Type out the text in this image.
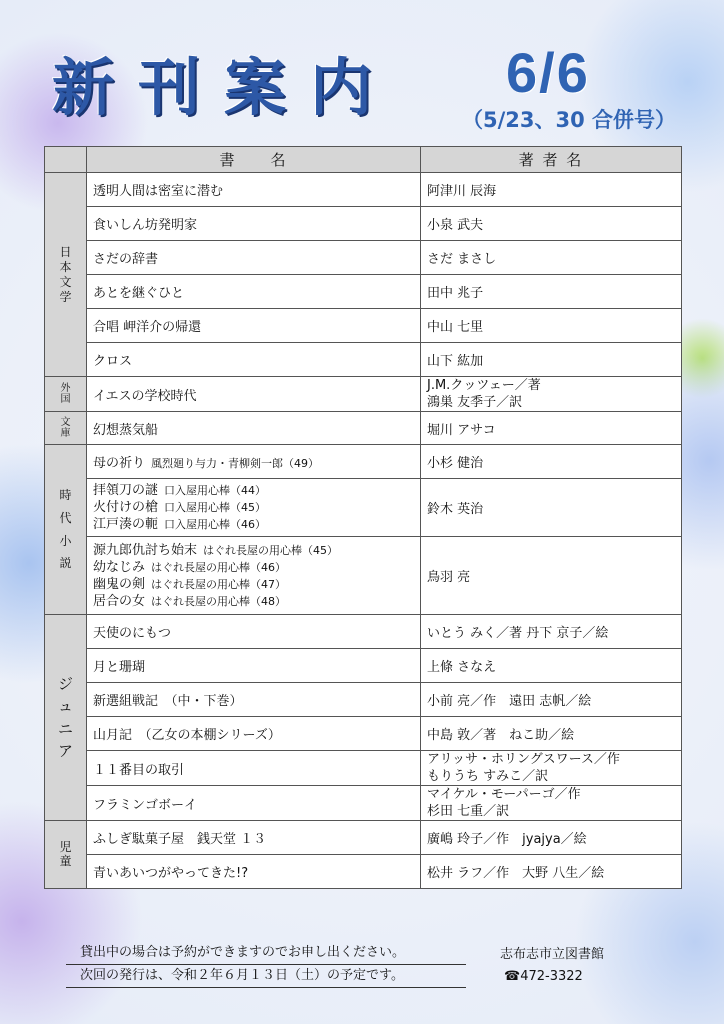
新刊案内 6/6
（5/23、30 合併号）
	書　　名	著 者 名
日本文学	透明人間は密室に潜む	阿津川 辰海
	食いしん坊発明家	小泉 武夫
	さだの辞書	さだ まさし
	あとを継ぐひと	田中 兆子
	合唱 岬洋介の帰還	中山 七里
	クロス	山下 紘加
外国	イエスの学校時代	J.M.クッツェー／著
鴻巣 友季子／訳

文庫	幻想蒸気船	堀川 アサコ
時代小説	母の祈り 風烈廻り与力・青柳剣一郎（49）	小杉 健治

	拝領刀の謎 口入屋用心棒（44）
火付けの槍 口入屋用心棒（45）
江戸湊の軛 口入屋用心棒（46）	鈴木 英治

	源九郎仇討ち始末 はぐれ長屋の用心棒（45）
幼なじみ はぐれ長屋の用心棒（46）
幽鬼の剣 はぐれ長屋の用心棒（47）
居合の女 はぐれ長屋の用心棒（48）	鳥羽 亮
ジュニア	天使のにもつ	いとう みく／著 丹下 京子／絵
	月と珊瑚	上條 さなえ
	新選組戦記　（中・下巻）	小前 亮／作　遠田 志帆／絵
	山月記　（乙女の本棚シリーズ）	中島 敦／著　ねこ助／絵
	１１番目の取引	アリッサ・ホリングスワース／作
もりうち すみこ／訳

	フラミンゴボーイ	マイケル・モーパーゴ／作
杉田 七重／訳

児童	ふしぎ駄菓子屋　銭天堂 １３	廣嶋 玲子／作　jyajya／絵
	青いあいつがやってきた!?	松井 ラフ／作　大野 八生／絵
貸出中の場合は予約ができますのでお申し出ください。
次回の発行は、令和２年６月１３日（土）の予定です。
志布志市立図書館
☎472-3322
